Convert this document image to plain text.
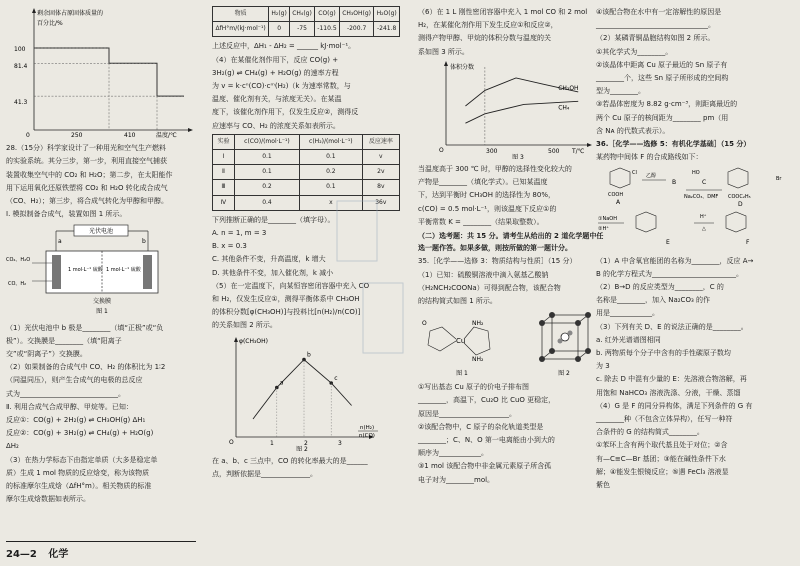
剩余固体占原固体质量的
百分比/%
100
81.4
41.3
0	250	410	温度/℃

28.（15分）科学家设计了一种用光和空气生产燃料

的实验系统。其分三步，第一步，利用直接空气捕获

装置收集空气中的 CO₂ 和 H₂O；第二步，在太阳能作

用下运用氧化还原铁塑将 CO₂ 和 H₂O 转化成合成气

（CO、H₂）；第三步，将合成气转化为甲醇和甲醇。

Ⅰ. 模拟制备合成气，装置如图 1 所示。

光伏电池
a	b
1 mol·L⁻¹ 硫酸 1 mol·L⁻¹ 硫酸
CO₂、H₂O
CO、H₂
交换膜
图 1

（1）光伏电池中 b 极是________（填“正极”或“负

极”）。交换膜是________（填“阳离子

交”或“阴离子”）交换膜。

（2）如果制备的合成气中 CO、H₂ 的体积比为 1∶2

（同温同压），则产生合成气的电极的总反应

式为____________________________。

Ⅱ. 利用合成气合成甲醇、甲烷等。已知：

反应①：CO(g) + 2H₂(g) ⇌ CH₃OH(g) ΔH₁

反应②：CO(g) + 3H₂(g) ⇌ CH₄(g) + H₂O(g)

ΔH₂

（3）在热力学标态下由指定单质（大多是稳定单

质）生成 1 mol 物质的反应焓变，称为该物质

的标准摩尔生成焓（ΔfH°m）。相关物质的标准

摩尔生成焓数据如表所示。

物质	H₂(g)	CH₄(g)	CO(g)	CH₃OH(g)	H₂O(g)
ΔfH°m/(kJ·mol⁻¹)	0	-75	-110.5	-200.7	-241.8

上述反应中，ΔH₁ - ΔH₂ = ______ kJ·mol⁻¹。

（4）在某催化剂作用下，反应 CO(g) +

3H₂(g) ⇌ CH₄(g) + H₂O(g) 的速率方程

为 v = k·cⁿ(CO)·cᵐ(H₂)（k 为速率常数，与

温度、催化剂有关，与浓度无关）。在某温

度下，该催化剂作用下，仅发生反应②，测得反

应速率与 CO、H₂ 的浓度关系如表所示。

实验	c(CO)/(mol·L⁻¹)	c(H₂)/(mol·L⁻¹)	反应速率
Ⅰ	0.1	0.1	v
Ⅱ	0.1	0.2	2v
Ⅲ	0.2	0.1	8v
Ⅳ	0.4	x	36v

下列推断正确的是________（填字母）。

A. n = 1, m = 3

B. x = 0.3

C. 其他条件不变，升高温度，k 增大

D. 其他条件不变，加入催化剂，k 减小

（5）在一定温度下，向某恒容密闭容器中充入 CO

和 H₂，仅发生反应①，测得平衡体系中 CH₃OH

的体积分数[φ(CH₃OH)]与投料比[n(H₂)/n(CO)]

的关系如图 2 所示。

φ(CH₃OH)
O	1	2	3
n(H₂)
n(CO)
图 2
a
b
c

在 a、b、c 三点中，CO 的转化率最大的是______

点，判断依据是______________。

（6）在 1 L 刚性密闭容器中充入 1 mol CO 和 2 mol

H₂，在某催化剂作用下发生反应①和反应②，

测得产物甲醇、甲烷的体积分数与温度的关

系如图 3 所示。

体积分数
O	300	500 T/℃
图 3
CH₃OH
CH₄

当温度高于 300 ℃ 时，甲醇的选择性变化较大的

产物是________（填化学式）。已知某温度

下，达到平衡时 CH₃OH 的选择性为 80%，

c(CO) = 0.5 mol·L⁻¹，则该温度下反应①的

平衡常数 K = ________（结果取整数）。

（二）选考题：共 15 分。请考生从给出的 2 道化学题中任选一题作答。如果多做，则按所做的第一题计分。

35.［化学——选修 3：物质结构与性质］（15 分）

（1）已知：硫酸铜溶液中滴入氨基乙酸钠

（H₂NCH₂COONa）可得到配合物，该配合物

的结构简式如图 1 所示。

Cu
NH₂
NH₂
O
图 1	图 2

①写出基态 Cu 原子的价电子排布图

________，高温下，Cu₂O 比 CuO 更稳定，

原因是____________________。

②该配合物中，C 原子的杂化轨道类型是

________；C、N、O 第一电离能由小到大的

顺序为____________。

③1 mol 该配合物中非金属元素原子所含孤

电子对为________mol。

④该配合物在水中有一定溶解性的原因是

________________________________。

（2）某磷青铜晶胞结构如图 2 所示。

①其化学式为________。

②该晶体中距离 Cu 原子最近的 Sn 原子有

________个，这些 Sn 原子所形成的空间构

型为________。

③若晶体密度为 8.82 g·cm⁻³，则距离最近的

两个 Cu 原子的核间距为________ pm（用

含 Nᴀ 的代数式表示）。

36.［化学——选修 5：有机化学基础］（15 分）

某药物中间体 F 的合成路线如下：

Cl
COOH
A
乙醇
B
HO
C
Na₂CO₃、DMF
Br
COOC₂H₅
D
①NaOH
②H⁺
E
H⁺
△
F

（1）A 中含氧官能团的名称为________，反应 A→

B 的化学方程式为________________________。

（2）B→D 的反应类型为________，C 的

名称是________，加入 Na₂CO₃ 的作

用是____________。

（3）下列有关 D、E 的说法正确的是________。

a. 红外光谱谱图相同

b. 两物质每个分子中含有的手性碳原子数均

为 3

c. 除去 D 中混有少量的 E：先溶液合物溶解，再

用饱和 NaHCO₃ 溶液洗涤、分液，干燥、蒸馏

（4）G 是 F 的同分异构体，满足下列条件的 G 有

________种（不包含立体异构），任写一种符

合条件的 G 的结构简式________。

①苯环上含有两个取代基且处于对位；②含

有—C≡C—Br 基团；③能在碱性条件下水

解；④能发生银镜反应；⑤遇 FeCl₃ 溶液显

紫色

24—2 化学
